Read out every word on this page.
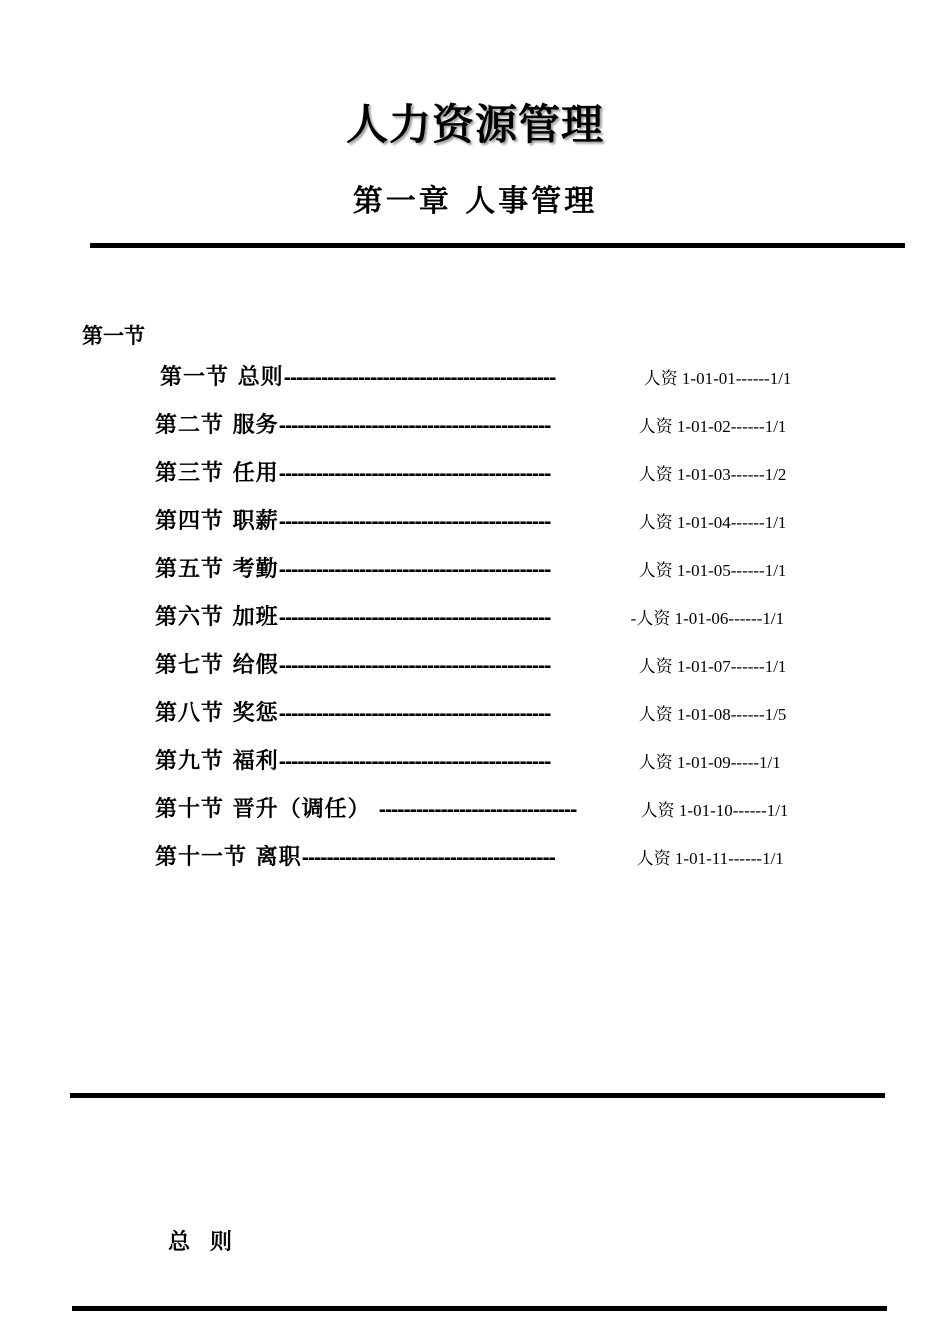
人力资源管理
第一章 人事管理
第一节
第一节 总则 --------------------------------------------	人资 1-01-01------1/1
第二节 服务 --------------------------------------------	人资 1-01-02------1/1
第三节 任用 --------------------------------------------	人资 1-01-03------1/2
第四节 职薪 --------------------------------------------	人资 1-01-04------1/1
第五节 考勤 --------------------------------------------	人资 1-01-05------1/1
第六节 加班 --------------------------------------------	-人资 1-01-06------1/1
第七节 给假 --------------------------------------------	人资 1-01-07------1/1
第八节 奖惩 --------------------------------------------	人资 1-01-08------1/5
第九节 福利 --------------------------------------------	人资 1-01-09-----1/1
第十节 晋升（调任） --------------------------------	人资 1-01-10------1/1
第十一节 离职 -----------------------------------------	人资 1-01-11------1/1
总则
